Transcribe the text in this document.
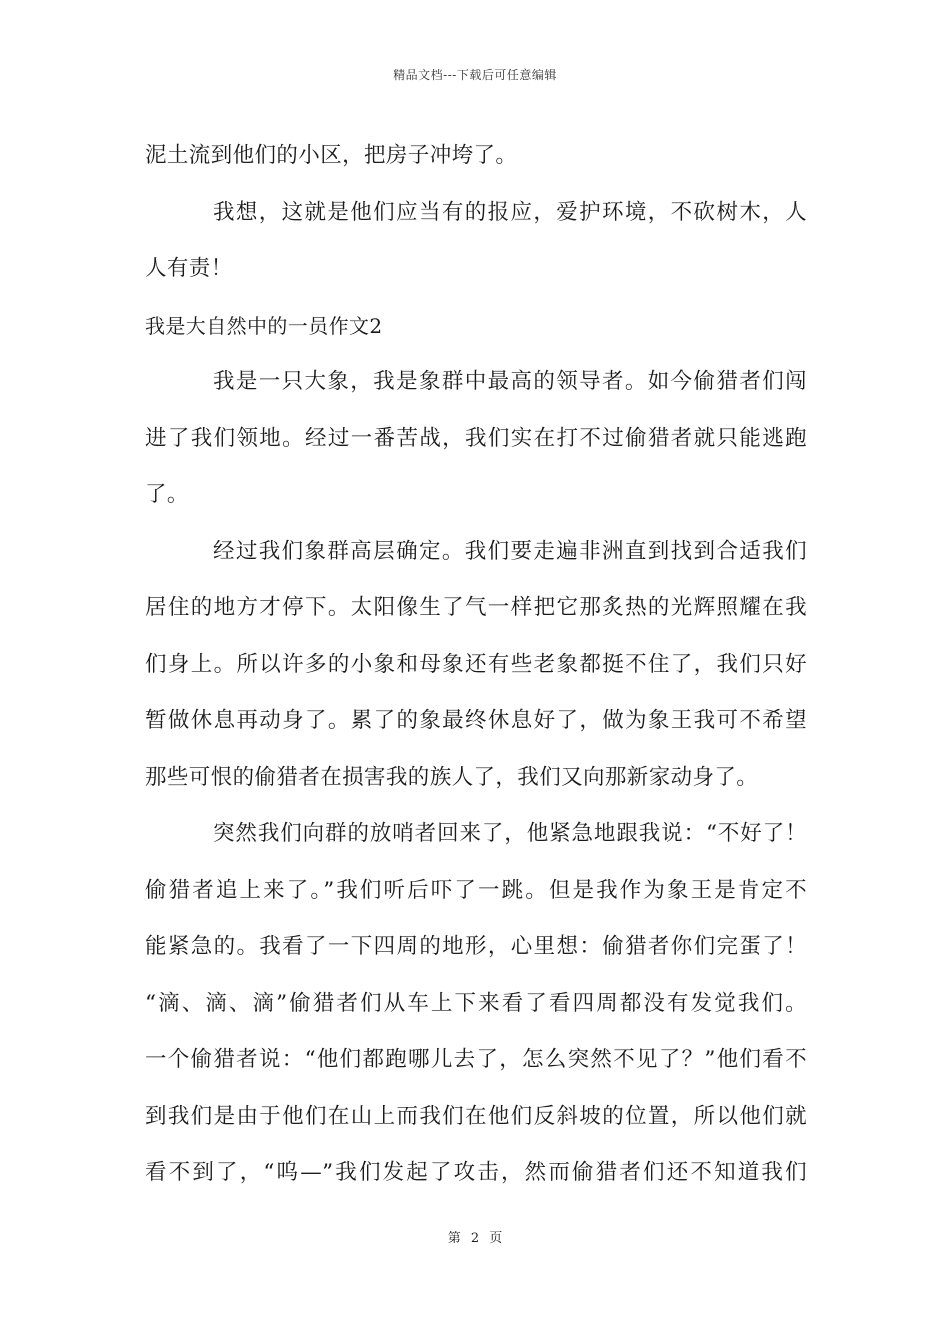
精品文档---下载后可任意编辑
泥土流到他们的小区，把房子冲垮了。
我想，这就是他们应当有的报应，爱护环境，不砍树木，人
人有责！
我是大自然中的一员作文2
我是一只大象，我是象群中最高的领导者。如今偷猎者们闯
进了我们领地。经过一番苦战，我们实在打不过偷猎者就只能逃跑
了。
经过我们象群高层确定。我们要走遍非洲直到找到合适我们
居住的地方才停下。太阳像生了气一样把它那炙热的光辉照耀在我
们身上。所以许多的小象和母象还有些老象都挺不住了，我们只好
暂做休息再动身了。累了的象最终休息好了，做为象王我可不希望
那些可恨的偷猎者在损害我的族人了，我们又向那新家动身了。
突然我们向群的放哨者回来了，他紧急地跟我说：“不好了！
偷猎者追上来了。”我们听后吓了一跳。但是我作为象王是肯定不
能紧急的。我看了一下四周的地形，心里想：偷猎者你们完蛋了！
“滴、滴、滴”偷猎者们从车上下来看了看四周都没有发觉我们。
一个偷猎者说：“他们都跑哪儿去了，怎么突然不见了？”他们看不
到我们是由于他们在山上而我们在他们反斜坡的位置，所以他们就
看不到了，“呜—”我们发起了攻击，然而偷猎者们还不知道我们
第 2 页
